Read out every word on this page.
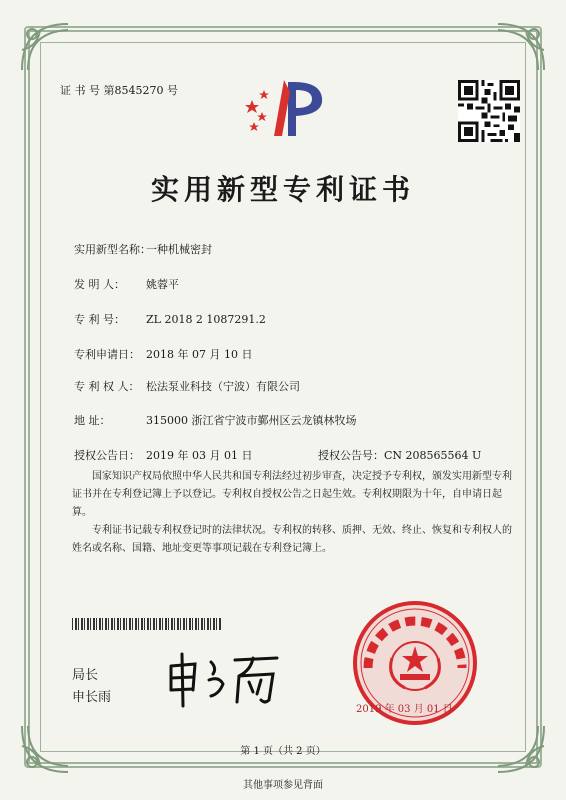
证 书 号 第8545270 号
实用新型专利证书
实用新型名称：一种机械密封
发 明 人： 姚蓉平
专 利 号： ZL 2018 2 1087291.2
专利申请日： 2018 年 07 月 10 日
专 利 权 人： 松法泵业科技（宁波）有限公司
地 址：	315000 浙江省宁波市鄞州区云龙镇林牧场
授权公告日： 2019 年 03 月 01 日	授权公告号：CN 208565564 U

国家知识产权局依照中华人民共和国专利法经过初步审查，决定授予专利权，颁发实用新型专利证书并在专利登记簿上予以登记。专利权自授权公告之日起生效。专利权期限为十年，自申请日起算。

专利证书记载专利权登记时的法律状况。专利权的转移、质押、无效、终止、恢复和专利权人的姓名或名称、国籍、地址变更等事项记载在专利登记簿上。

局长
申长雨
2019 年 03 月 01 日
第 1 页（共 2 页）
其他事项参见背面
